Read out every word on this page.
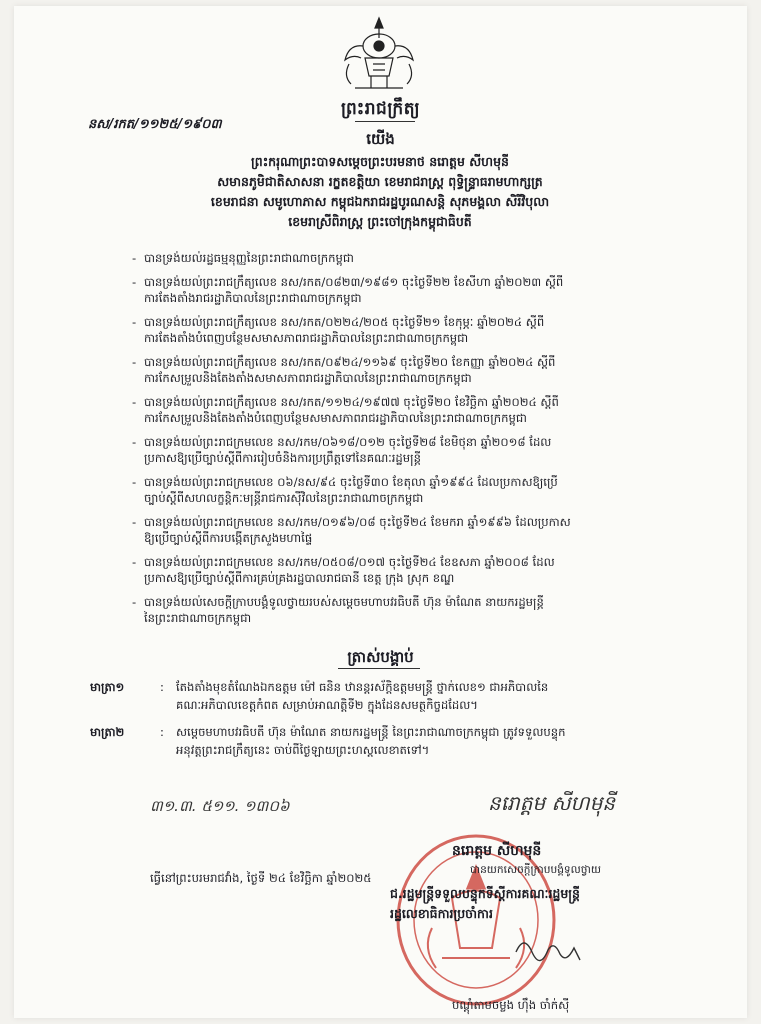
ព្រះរាជក្រឹត្យ
នស/រកត/១១២៥/១៩០៣
យើង
ព្រះករុណាព្រះបាទសម្តេចព្រះបរមនាថ នរោត្តម សីហមុនី
សមានភូមិជាតិសាសនា រក្ខតខត្តិយា ខេមរាជរាស្ត្រ ពុទ្ធិន្ទ្រាធរាមហាក្សត្រ
ខេមរាជនា សមូហោភាស កម្ពុជឯករាជរដ្ឋបូរណសន្តិ សុភមង្គលា សិរីវិបុលា
ខេមរាស្រីពិរាស្ត្រ ព្រះចៅក្រុងកម្ពុជាធិបតី
- បានទ្រង់យល់រដ្ឋធម្មនុញ្ញនៃព្រះរាជាណាចក្រកម្ពុជា
- បានទ្រង់យល់ព្រះរាជក្រឹត្យលេខ នស/រកត/០៨២៣/១៩៨១ ចុះថ្ងៃទី២២ ខែសីហា ឆ្នាំ២០២៣ ស្តីពី
ការតែងតាំងរាជរដ្ឋាភិបាលនៃព្រះរាជាណាចក្រកម្ពុជា
- បានទ្រង់យល់ព្រះរាជក្រឹត្យលេខ នស/រកត/០២២៤/២០៥ ចុះថ្ងៃទី២១ ខែកុម្ភៈ ឆ្នាំ២០២៤ ស្តីពី
ការតែងតាំងបំពេញបន្ថែមសមាសភាពរាជរដ្ឋាភិបាលនៃព្រះរាជាណាចក្រកម្ពុជា
- បានទ្រង់យល់ព្រះរាជក្រឹត្យលេខ នស/រកត/០៩២៤/១១៦៩ ចុះថ្ងៃទី២០ ខែកញ្ញា ឆ្នាំ២០២៤ ស្តីពី
ការកែសម្រួលនិងតែងតាំងសមាសភាពរាជរដ្ឋាភិបាលនៃព្រះរាជាណាចក្រកម្ពុជា
- បានទ្រង់យល់ព្រះរាជក្រឹត្យលេខ នស/រកត/១១២៤/១៩៧៧ ចុះថ្ងៃទី២០ ខែវិច្ឆិកា ឆ្នាំ២០២៤ ស្តីពី
ការកែសម្រួលនិងតែងតាំងបំពេញបន្ថែមសមាសភាពរាជរដ្ឋាភិបាលនៃព្រះរាជាណាចក្រកម្ពុជា
- បានទ្រង់យល់ព្រះរាជក្រមលេខ នស/រកម/០៦១៨/០១២ ចុះថ្ងៃទី២៨ ខែមិថុនា ឆ្នាំ២០១៨ ដែល
ប្រកាសឱ្យប្រើច្បាប់ស្តីពីការរៀបចំនិងការប្រព្រឹត្តទៅនៃគណៈរដ្ឋមន្ត្រី
- បានទ្រង់យល់ព្រះរាជក្រមលេខ ០៦/នស/៩៤ ចុះថ្ងៃទី៣០ ខែតុលា ឆ្នាំ១៩៩៤ ដែលប្រកាសឱ្យប្រើ
ច្បាប់ស្តីពីសហលក្ខន្តិកៈមន្ត្រីរាជការស៊ីវិលនៃព្រះរាជាណាចក្រកម្ពុជា
- បានទ្រង់យល់ព្រះរាជក្រមលេខ នស/រកម/០១៩៦/០៨ ចុះថ្ងៃទី២៤ ខែមករា ឆ្នាំ១៩៩៦ ដែលប្រកាស
ឱ្យប្រើច្បាប់ស្តីពីការបង្កើតក្រសួងមហាផ្ទៃ
- បានទ្រង់យល់ព្រះរាជក្រមលេខ នស/រកម/០៥០៨/០១៧ ចុះថ្ងៃទី២៤ ខែឧសភា ឆ្នាំ២០០៨ ដែល
ប្រកាសឱ្យប្រើច្បាប់ស្តីពីការគ្រប់គ្រងរដ្ឋបាលរាជធានី ខេត្ត ក្រុង ស្រុក ខណ្ឌ
- បានទ្រង់យល់សេចក្តីក្រាបបង្គំទូលថ្វាយរបស់សម្តេចមហាបវរធិបតី ហ៊ុន ម៉ាណែត នាយករដ្ឋមន្ត្រី
នៃព្រះរាជាណាចក្រកម្ពុជា
ត្រាស់បង្គាប់
មាត្រា១	: តែងតាំងមុខតំណែងឯកឧត្តម ម៉ៅ ធនិន ឋានន្តរស័ក្តិឧត្តមមន្ត្រី ថ្នាក់លេខ១ ជាអភិបាលនៃ
គណៈអភិបាលខេត្តកំពត សម្រាប់អាណត្តិទី២ ក្នុងដែនសមត្ថកិច្ចដដែល។
មាត្រា២	: សម្តេចមហាបវរធិបតី ហ៊ុន ម៉ាណែត នាយករដ្ឋមន្ត្រី នៃព្រះរាជាណាចក្រកម្ពុជា ត្រូវទទួលបន្ទុក
អនុវត្តព្រះរាជក្រឹត្យនេះ ចាប់ពីថ្ងៃឡាយព្រះហស្តលេខាតទៅ។
៣១.៣. ៥១១. ១៣០៦	នរោត្តម សីហមុនី
នរោត្តម សីហមុនី
បានយកសេចក្តីក្រាបបង្គំទូលថ្វាយ
ធ្វើនៅព្រះបរមរាជវាំង, ថ្ងៃទី ២៤ ខែវិច្ឆិកា ឆ្នាំ២០២៥
ជ.រដ្ឋមន្ត្រីទទួលបន្ទុកទីស្តីការគណៈរដ្ឋមន្ត្រី
រដ្ឋលេខាធិការប្រចាំការ
បណ្តុំតាមចម្លង ហ៊ឹង ចាំក់សុី
